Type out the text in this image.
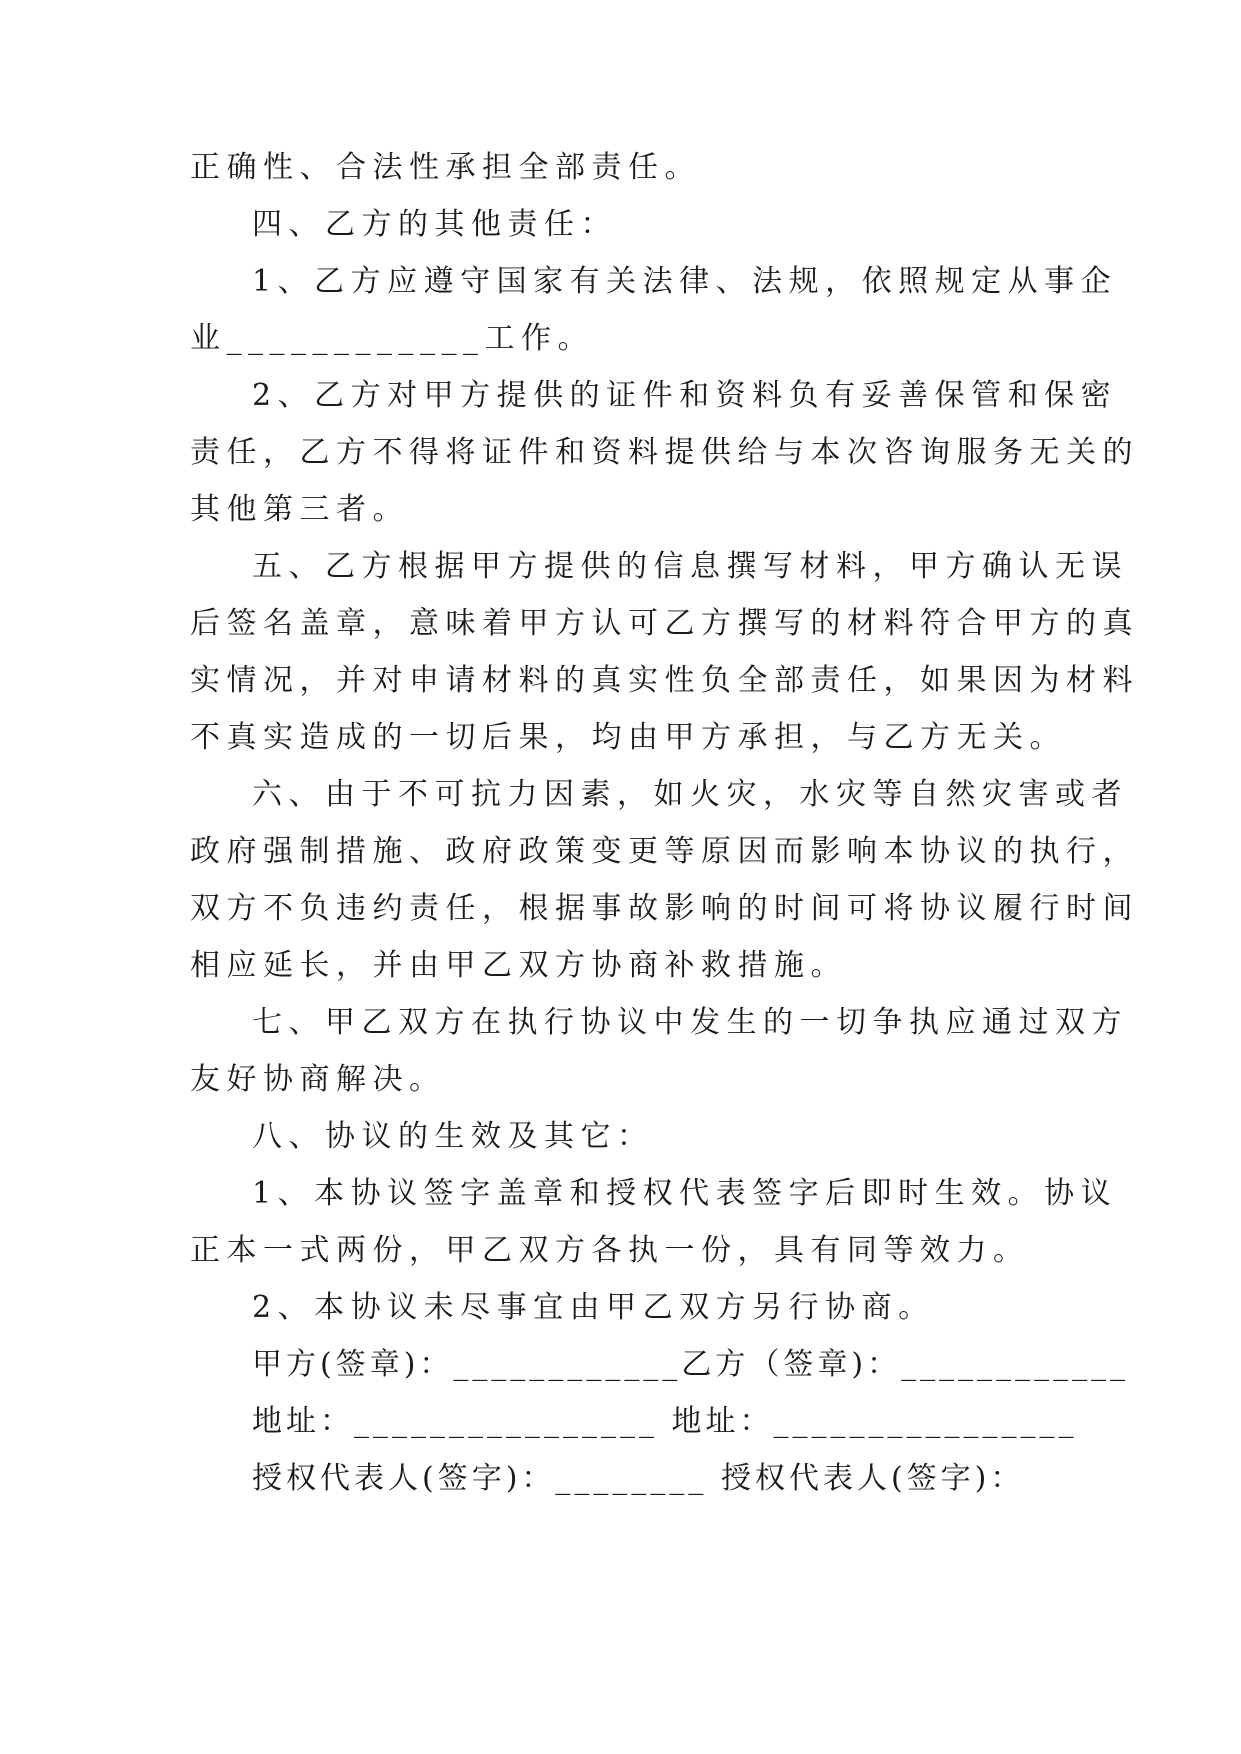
正确性、合法性承担全部责任。
四、乙方的其他责任：
1、乙方应遵守国家有关法律、法规，依照规定从事企
业____________工作。
2、乙方对甲方提供的证件和资料负有妥善保管和保密
责任，乙方不得将证件和资料提供给与本次咨询服务无关的
其他第三者。
五、乙方根据甲方提供的信息撰写材料，甲方确认无误
后签名盖章，意味着甲方认可乙方撰写的材料符合甲方的真
实情况，并对申请材料的真实性负全部责任，如果因为材料
不真实造成的一切后果，均由甲方承担，与乙方无关。
六、由于不可抗力因素，如火灾，水灾等自然灾害或者
政府强制措施、政府政策变更等原因而影响本协议的执行，
双方不负违约责任，根据事故影响的时间可将协议履行时间
相应延长，并由甲乙双方协商补救措施。
七、甲乙双方在执行协议中发生的一切争执应通过双方
友好协商解决。
八、协议的生效及其它：
1、本协议签字盖章和授权代表签字后即时生效。协议
正本一式两份，甲乙双方各执一份，具有同等效力。
2、本协议未尽事宜由甲乙双方另行协商。
甲方(签章)：____________乙方（签章)：____________
地址：________________ 地址：________________
授权代表人(签字)：________ 授权代表人(签字)：
